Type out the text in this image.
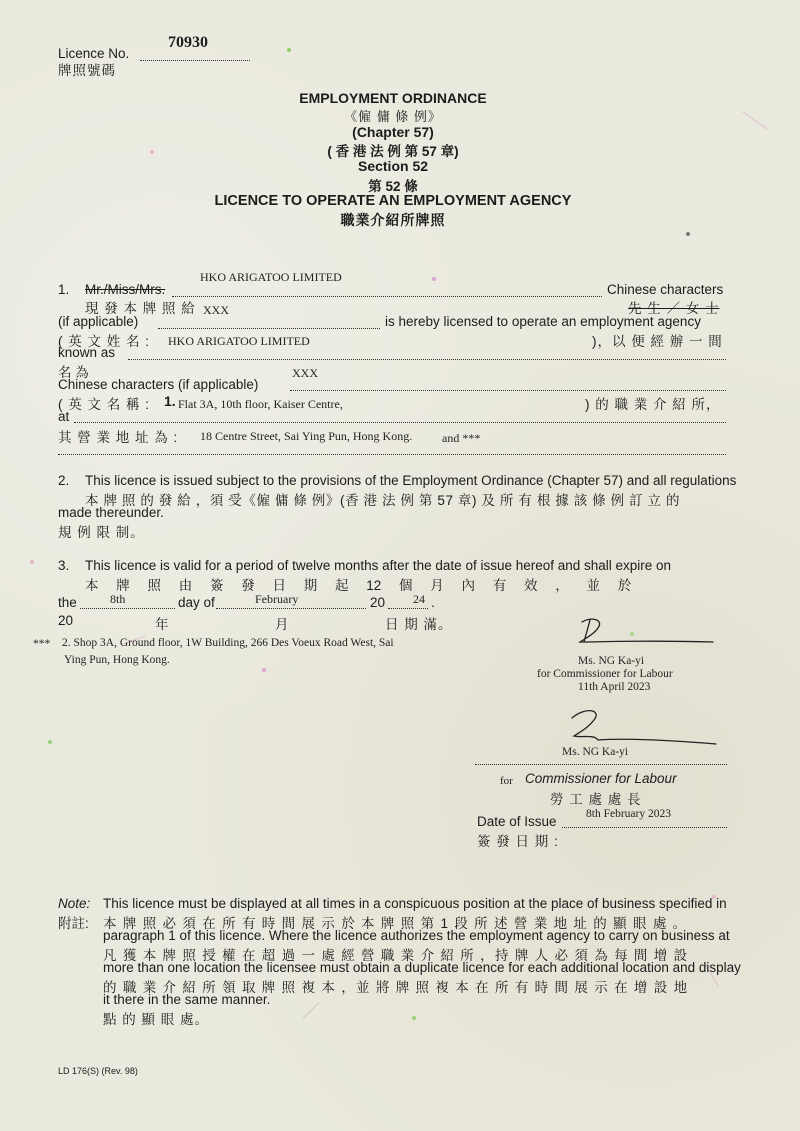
70930
Licence No.
牌照號碼
EMPLOYMENT ORDINANCE
《僱 傭 條 例》
(Chapter 57)
( 香 港 法 例 第 57 章)
Section 52
第 52 條
LICENCE TO OPERATE AN EMPLOYMENT AGENCY
職業介紹所牌照
HKO ARIGATOO LIMITED
1. Mr./Miss/Mrs.	Chinese characters
現 發 本 牌 照 給	先 生 ／ 女 士
XXX
(if applicable)	is hereby licensed to operate an employment agency
( 英 文 姓 名 : HKO ARIGATOO LIMITED	)，以 便 經 辦 一 間
known as
名 為	XXX
Chinese characters (if applicable)
( 英 文 名 稱 : 1. Flat 3A, 10th floor, Kaiser Centre,	) 的 職 業 介 紹 所，
at
其 營 業 地 址 為 : 18 Centre Street, Sai Ying Pun, Hong Kong. and ***
2. This licence is issued subject to the provisions of the Employment Ordinance (Chapter 57) and all regulations
本 牌 照 的 發 給 ，須 受《僱 傭 條 例》(香 港 法 例 第 57 章) 及 所 有 根 據 該 條 例 訂 立 的
made thereunder.
規 例 限 制。
3. This licence is valid for a period of twelve months after the date of issue hereof and shall expire on
本 牌 照 由 簽 發 日 期 起 12 個 月 內 有 效 ， 並 於
the	8th	day of	February	20 24 .
20	年	月	日 期 滿。
*** 2. Shop 3A, Ground floor, 1W Building, 266 Des Voeux Road West, Sai
Ying Pun, Hong Kong.	Ms. NG Ka-yi
for Commissioner for Labour
11th April 2023
Ms. NG Ka-yi
for Commissioner for Labour
勞 工 處 處 長
8th February 2023
Date of Issue
簽 發 日 期 :
Note:
附註:
This licence must be displayed at all times in a conspicuous position at the place of business specified in
本 牌 照 必 須 在 所 有 時 間 展 示 於 本 牌 照 第 1 段 所 述 營 業 地 址 的 顯 眼 處 。
paragraph 1 of this licence. Where the licence authorizes the employment agency to carry on business at
凡 獲 本 牌 照 授 權 在 超 過 一 處 經 營 職 業 介 紹 所 ，持 牌 人 必 須 為 每 間 增 設
more than one location the licensee must obtain a duplicate licence for each additional location and display
的 職 業 介 紹 所 領 取 牌 照 複 本 ，並 將 牌 照 複 本 在 所 有 時 間 展 示 在 增 設 地
it there in the same manner.
點 的 顯 眼 處。
LD 176(S) (Rev. 98)
